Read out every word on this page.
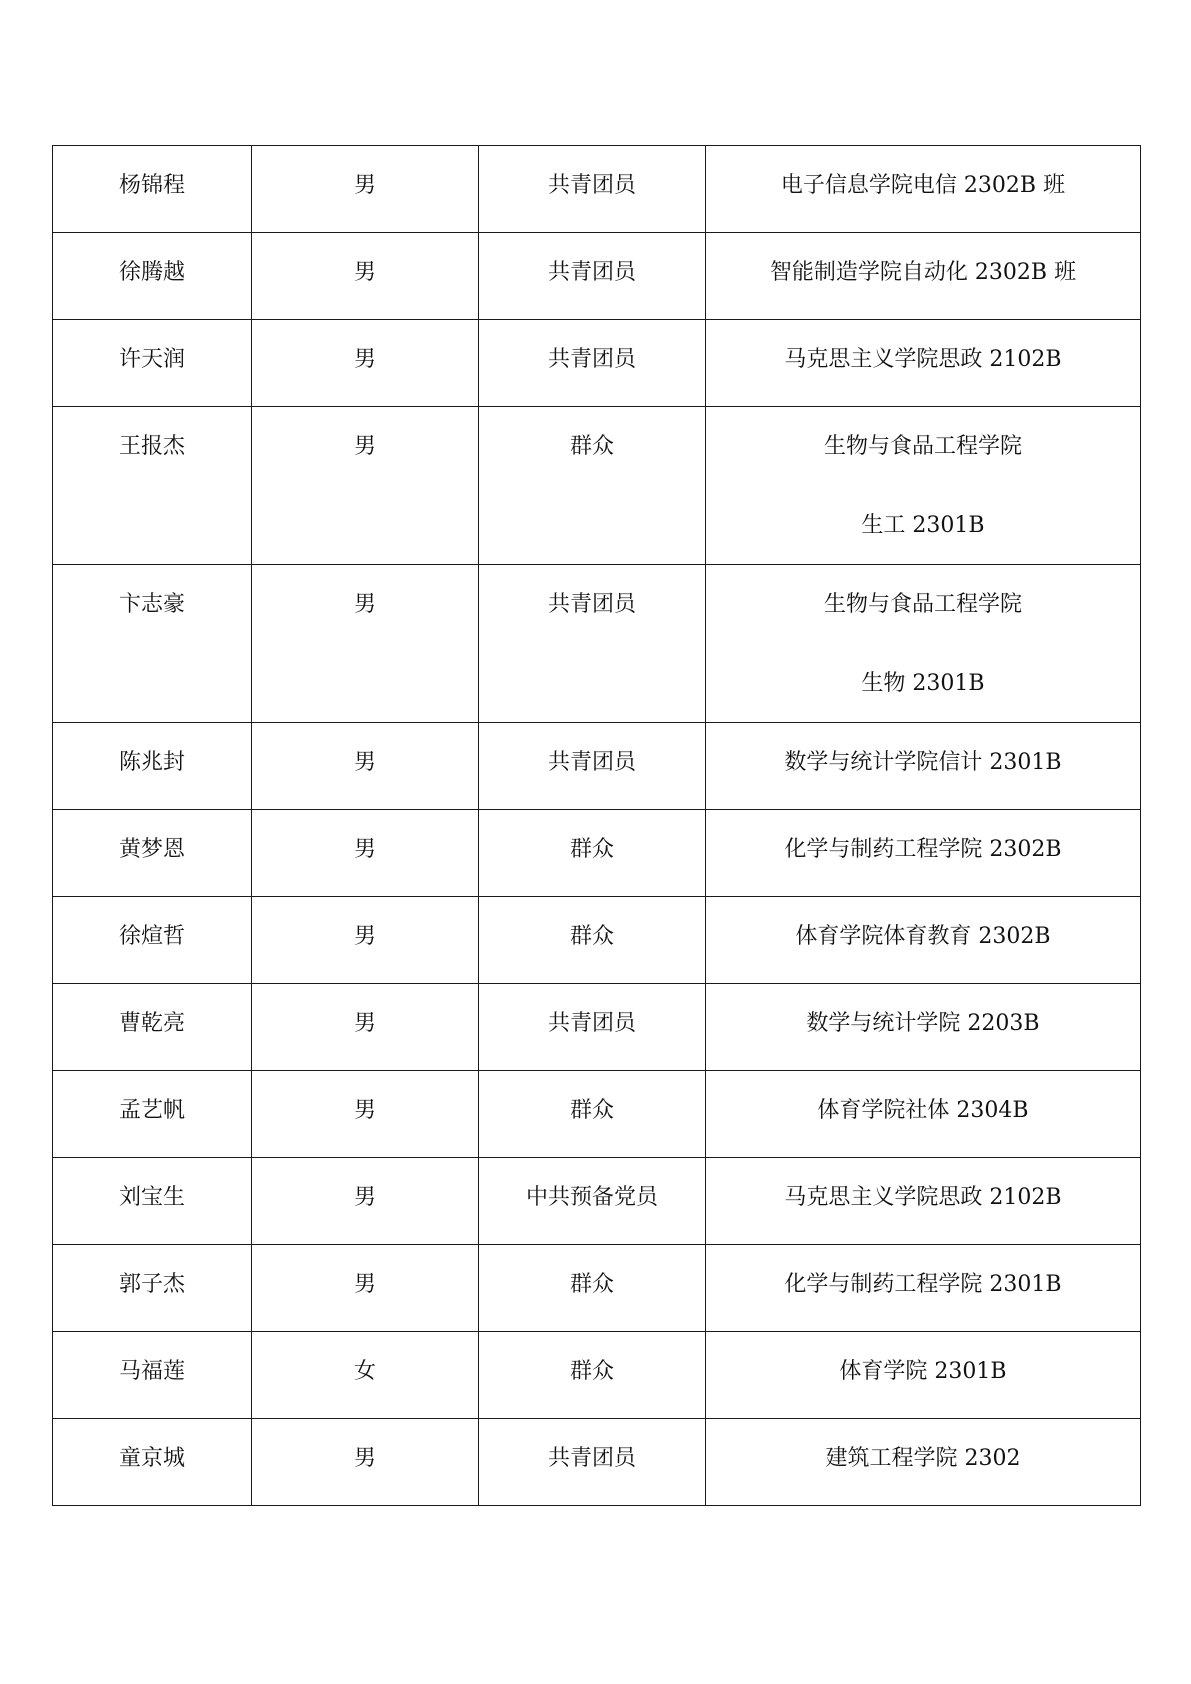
杨锦程	男	共青团员	电子信息学院电信 2302B 班

徐腾越	男	共青团员	智能制造学院自动化 2302B 班

许天润	男	共青团员	马克思主义学院思政 2102B

王报杰	男	群众	生物与食品工程学院
生工 2301B

卞志豪	男	共青团员	生物与食品工程学院
生物 2301B

陈兆封	男	共青团员	数学与统计学院信计 2301B

黄梦恩	男	群众	化学与制药工程学院 2302B

徐煊哲	男	群众	体育学院体育教育 2302B

曹乾亮	男	共青团员	数学与统计学院 2203B

孟艺帆	男	群众	体育学院社体 2304B

刘宝生	男	中共预备党员	马克思主义学院思政 2102B

郭子杰	男	群众	化学与制药工程学院 2301B

马福莲	女	群众	体育学院 2301B

童京城	男	共青团员	建筑工程学院 2302
